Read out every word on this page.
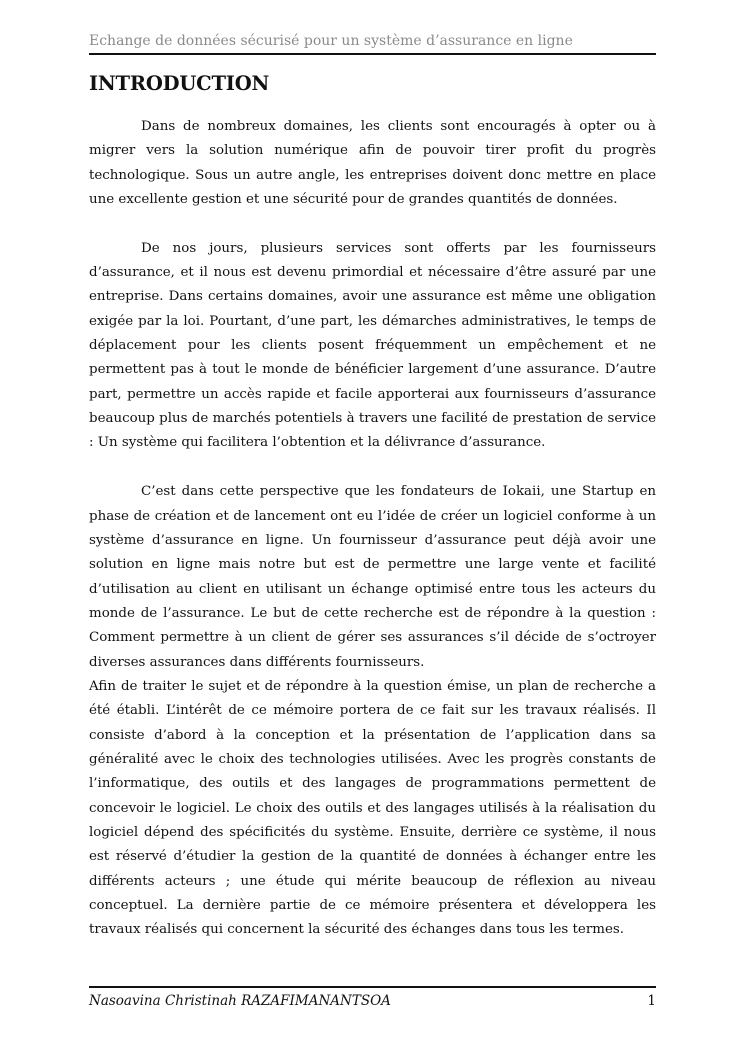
Echange de données sécurisé pour un système d’assurance en ligne
INTRODUCTION

Dans de nombreux domaines, les clients sont encouragés à opter ou à migrer vers la solution numérique afin de pouvoir tirer profit du progrès technologique. Sous un autre angle, les entreprises doivent donc mettre en place une excellente gestion et une sécurité pour de grandes quantités de données.

De nos jours, plusieurs services sont offerts par les fournisseurs d’assurance, et il nous est devenu primordial et nécessaire d’être assuré par une entreprise. Dans certains domaines, avoir une assurance est même une obligation exigée par la loi. Pourtant, d’une part, les démarches administratives, le temps de déplacement pour les clients posent fréquemment un empêchement et ne permettent pas à tout le monde de bénéficier largement d’une assurance. D’autre part, permettre un accès rapide et facile apporterai aux fournisseurs d’assurance beaucoup plus de marchés potentiels à travers une facilité de prestation de service : Un système qui facilitera l’obtention et la délivrance d’assurance.

C’est dans cette perspective que les fondateurs de Iokaii, une Startup en phase de création et de lancement ont eu l’idée de créer un logiciel conforme à un système d’assurance en ligne. Un fournisseur d’assurance peut déjà avoir une solution en ligne mais notre but est de permettre une large vente et facilité d’utilisation au client en utilisant un échange optimisé entre tous les acteurs du monde de l’assurance. Le but de cette recherche est de répondre à la question : Comment permettre à un client de gérer ses assurances s’il décide de s’octroyer diverses assurances dans différents fournisseurs.

Afin de traiter le sujet et de répondre à la question émise, un plan de recherche a été établi. L’intérêt de ce mémoire portera de ce fait sur les travaux réalisés. Il consiste d’abord à la conception et la présentation de l’application dans sa généralité avec le choix des technologies utilisées. Avec les progrès constants de l’informatique, des outils et des langages de programmations permettent de concevoir le logiciel. Le choix des outils et des langages utilisés à la réalisation du logiciel dépend des spécificités du système. Ensuite, derrière ce système, il nous est réservé d’étudier la gestion de la quantité de données à échanger entre les différents acteurs ; une étude qui mérite beaucoup de réflexion au niveau conceptuel. La dernière partie de ce mémoire présentera et développera les travaux réalisés qui concernent la sécurité des échanges dans tous les termes.

Nasoavina Christinah RAZAFIMANANTSOA	1
